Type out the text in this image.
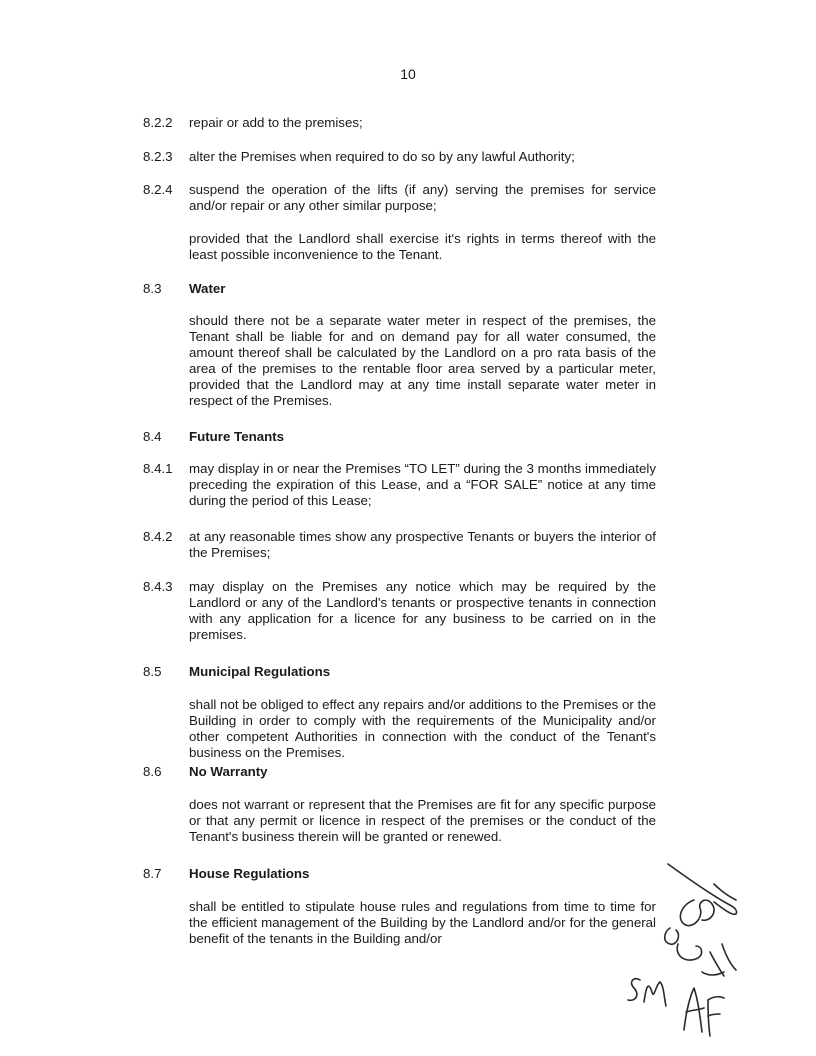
10
8.2.2 repair or add to the premises;
8.2.3 alter the Premises when required to do so by any lawful Authority;
8.2.4 suspend the operation of the lifts (if any) serving the premises for service and/or repair or any other similar purpose;
provided that the Landlord shall exercise it's rights in terms thereof with the least possible inconvenience to the Tenant.
8.3 Water
should there not be a separate water meter in respect of the premises, the Tenant shall be liable for and on demand pay for all water consumed, the amount thereof shall be calculated by the Landlord on a pro rata basis of the area of the premises to the rentable floor area served by a particular meter, provided that the Landlord may at any time install separate water meter in respect of the Premises.
8.4 Future Tenants
8.4.1 may display in or near the Premises “TO LET” during the 3 months immediately preceding the expiration of this Lease, and a “FOR SALE” notice at any time during the period of this Lease;
8.4.2 at any reasonable times show any prospective Tenants or buyers the interior of the Premises;
8.4.3 may display on the Premises any notice which may be required by the Landlord or any of the Landlord's tenants or prospective tenants in connection with any application for a licence for any business to be carried on in the premises.
8.5 Municipal Regulations
shall not be obliged to effect any repairs and/or additions to the Premises or the Building in order to comply with the requirements of the Municipality and/or other competent Authorities in connection with the conduct of the Tenant's business on the Premises.
8.6 No Warranty
does not warrant or represent that the Premises are fit for any specific purpose or that any permit or licence in respect of the premises or the conduct of the Tenant's business therein will be granted or renewed.
8.7 House Regulations
shall be entitled to stipulate house rules and regulations from time to time for the efficient management of the Building by the Landlord and/or for the general benefit of the tenants in the Building and/or
